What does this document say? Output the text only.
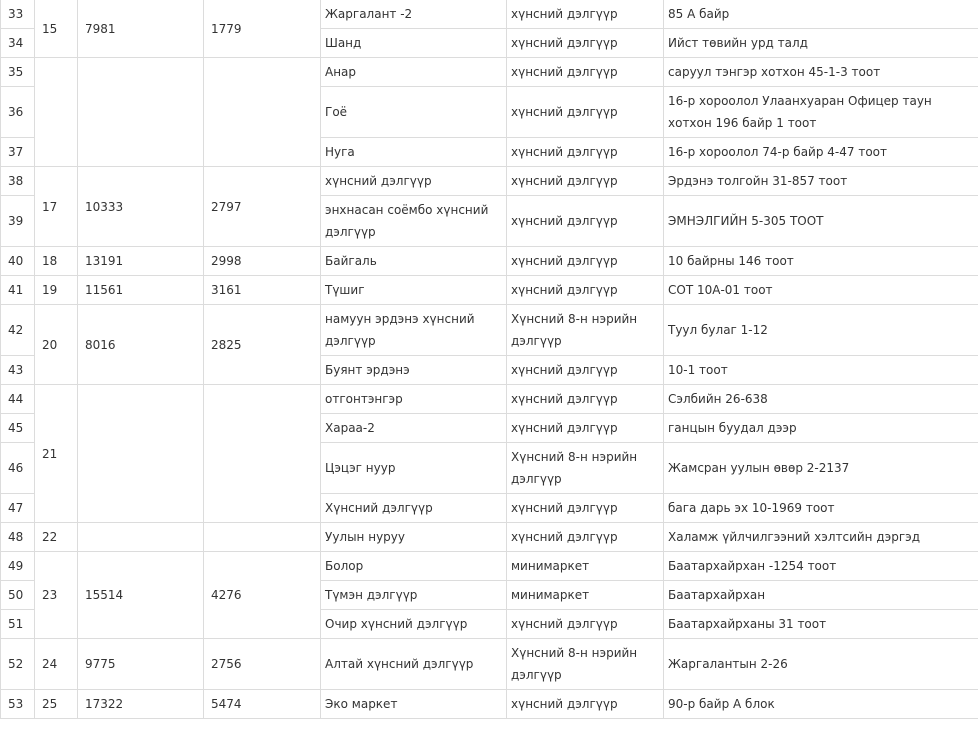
33	15	7981	1779	Жаргалант -2	хүнсний дэлгүүр	85 А байр
34				Шанд	хүнсний дэлгүүр	Ийст төвийн урд талд
35				Анар	хүнсний дэлгүүр	саруул тэнгэр хотхон 45-1-3 тоот
36				Гоё	хүнсний дэлгүүр	16-р хороолол Улаанхуаран Офицер таун хотхон 196 байр 1 тоот
37				Нуга	хүнсний дэлгүүр	16-р хороолол 74-р байр 4-47 тоот
38	17	10333	2797	хүнсний дэлгүүр	хүнсний дэлгүүр	Эрдэнэ толгойн 31-857 тоот
39				энхнасан соёмбо хүнсний дэлгүүр	хүнсний дэлгүүр	ЭМНЭЛГИЙН 5-305 ТООТ
40	18	13191	2998	Байгаль	хүнсний дэлгүүр	10 байрны 146 тоот
41	19	11561	3161	Түшиг	хүнсний дэлгүүр	СОТ 10А-01 тоот
42	20	8016	2825	намуун эрдэнэ хүнсний дэлгүүр	Хүнсний 8-н нэрийн дэлгүүр	Туул булаг 1-12
43				Буянт эрдэнэ	хүнсний дэлгүүр	10-1 тоот
44	21			отгонтэнгэр	хүнсний дэлгүүр	Сэлбийн 26-638
45				Хараа-2	хүнсний дэлгүүр	ганцын буудал дээр
46				Цэцэг нуур	Хүнсний 8-н нэрийн дэлгүүр	Жамсран уулын өвөр 2-2137
47				Хүнсний дэлгүүр	хүнсний дэлгүүр	бага дарь эх 10-1969 тоот
48	22			Уулын нуруу	хүнсний дэлгүүр	Халамж үйлчилгээний хэлтсийн дэргэд
49	23	15514	4276	Болор	минимаркет	Баатархайрхан -1254 тоот
50				Түмэн дэлгүүр	минимаркет	Баатархайрхан
51				Очир хүнсний дэлгүүр	хүнсний дэлгүүр	Баатархайрханы 31 тоот
52	24	9775	2756	Алтай хүнсний дэлгүүр	Хүнсний 8-н нэрийн дэлгүүр	Жаргалантын 2-26
53	25	17322	5474	Эко маркет	хүнсний дэлгүүр	90-р байр А блок
